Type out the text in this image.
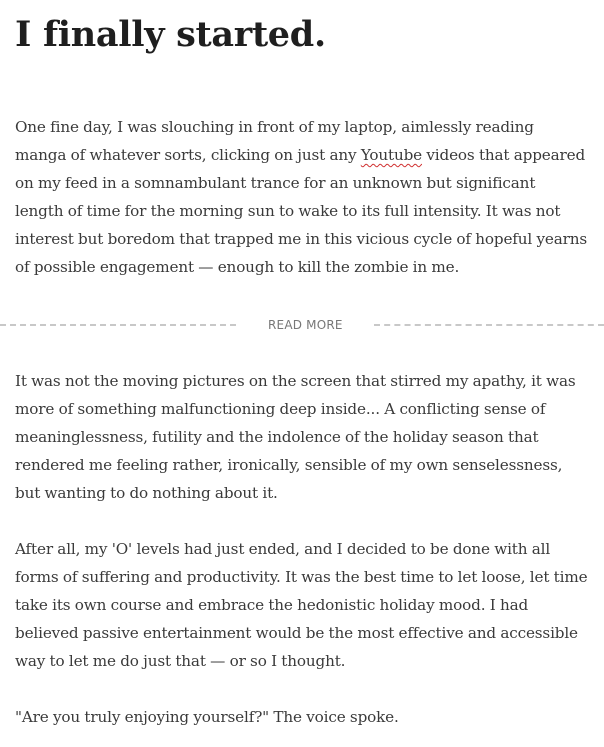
I finally started.

One fine day, I was slouching in front of my laptop, aimlessly reading
manga of whatever sorts, clicking on just any Youtube videos that appeared
on my feed in a somnambulant trance for an unknown but significant
length of time for the morning sun to wake to its full intensity. It was not
interest but boredom that trapped me in this vicious cycle of hopeful yearns
of possible engagement — enough to kill the zombie in me.

READ MORE

It was not the moving pictures on the screen that stirred my apathy, it was
more of something malfunctioning deep inside... A conflicting sense of
meaninglessness, futility and the indolence of the holiday season that
rendered me feeling rather, ironically, sensible of my own senselessness,
but wanting to do nothing about it.

After all, my 'O' levels had just ended, and I decided to be done with all
forms of suffering and productivity. It was the best time to let loose, let time
take its own course and embrace the hedonistic holiday mood. I had
believed passive entertainment would be the most effective and accessible
way to let me do just that — or so I thought.

"Are you truly enjoying yourself?" The voice spoke.
